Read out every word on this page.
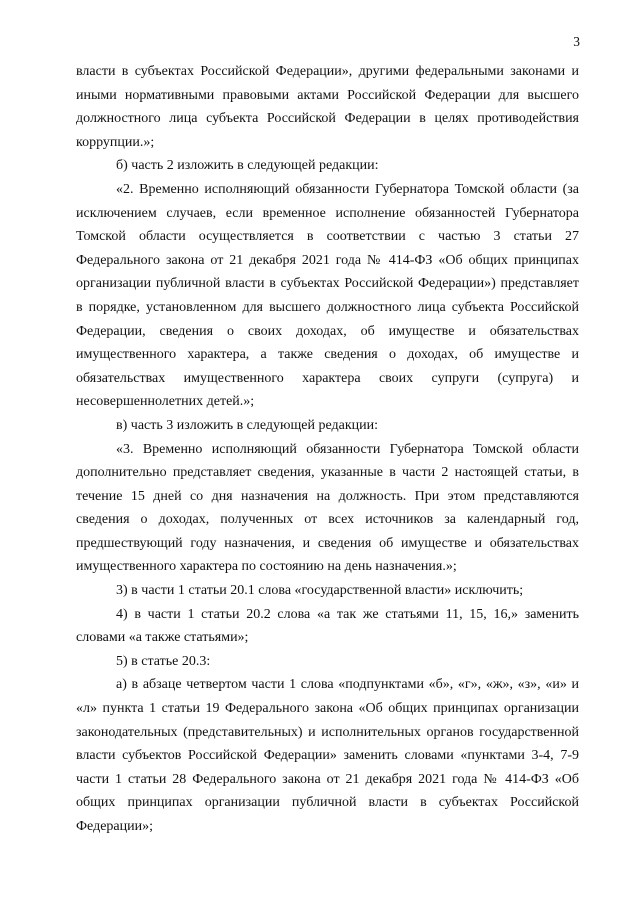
3

власти в субъектах Российской Федерации», другими федеральными законами и иными нормативными правовыми актами Российской Федерации для высшего должностного лица субъекта Российской Федерации в целях противодействия коррупции.»;

б) часть 2 изложить в следующей редакции:

«2. Временно исполняющий обязанности Губернатора Томской области (за исключением случаев, если временное исполнение обязанностей Губернатора Томской области осуществляется в соответствии с частью 3 статьи 27 Федерального закона от 21 декабря 2021 года № 414-ФЗ «Об общих принципах организации публичной власти в субъектах Российской Федерации») представляет в порядке, установленном для высшего должностного лица субъекта Российской Федерации, сведения о своих доходах, об имуществе и обязательствах имущественного характера, а также сведения о доходах, об имуществе и обязательствах имущественного характера своих супруги (супруга) и несовершеннолетних детей.»;

в) часть 3 изложить в следующей редакции:

«3. Временно исполняющий обязанности Губернатора Томской области дополнительно представляет сведения, указанные в части 2 настоящей статьи, в течение 15 дней со дня назначения на должность. При этом представляются сведения о доходах, полученных от всех источников за календарный год, предшествующий году назначения, и сведения об имуществе и обязательствах имущественного характера по состоянию на день назначения.»;

3) в части 1 статьи 20.1 слова «государственной власти» исключить;

4) в части 1 статьи 20.2 слова «а так же статьями 11, 15, 16,» заменить словами «а также статьями»;

5) в статье 20.3:

а) в абзаце четвертом части 1 слова «подпунктами «б», «г», «ж», «з», «и» и «л» пункта 1 статьи 19 Федерального закона «Об общих принципах организации законодательных (представительных) и исполнительных органов государственной власти субъектов Российской Федерации» заменить словами «пунктами 3-4, 7-9 части 1 статьи 28 Федерального закона от 21 декабря 2021 года № 414-ФЗ «Об общих принципах организации публичной власти в субъектах Российской Федерации»;
